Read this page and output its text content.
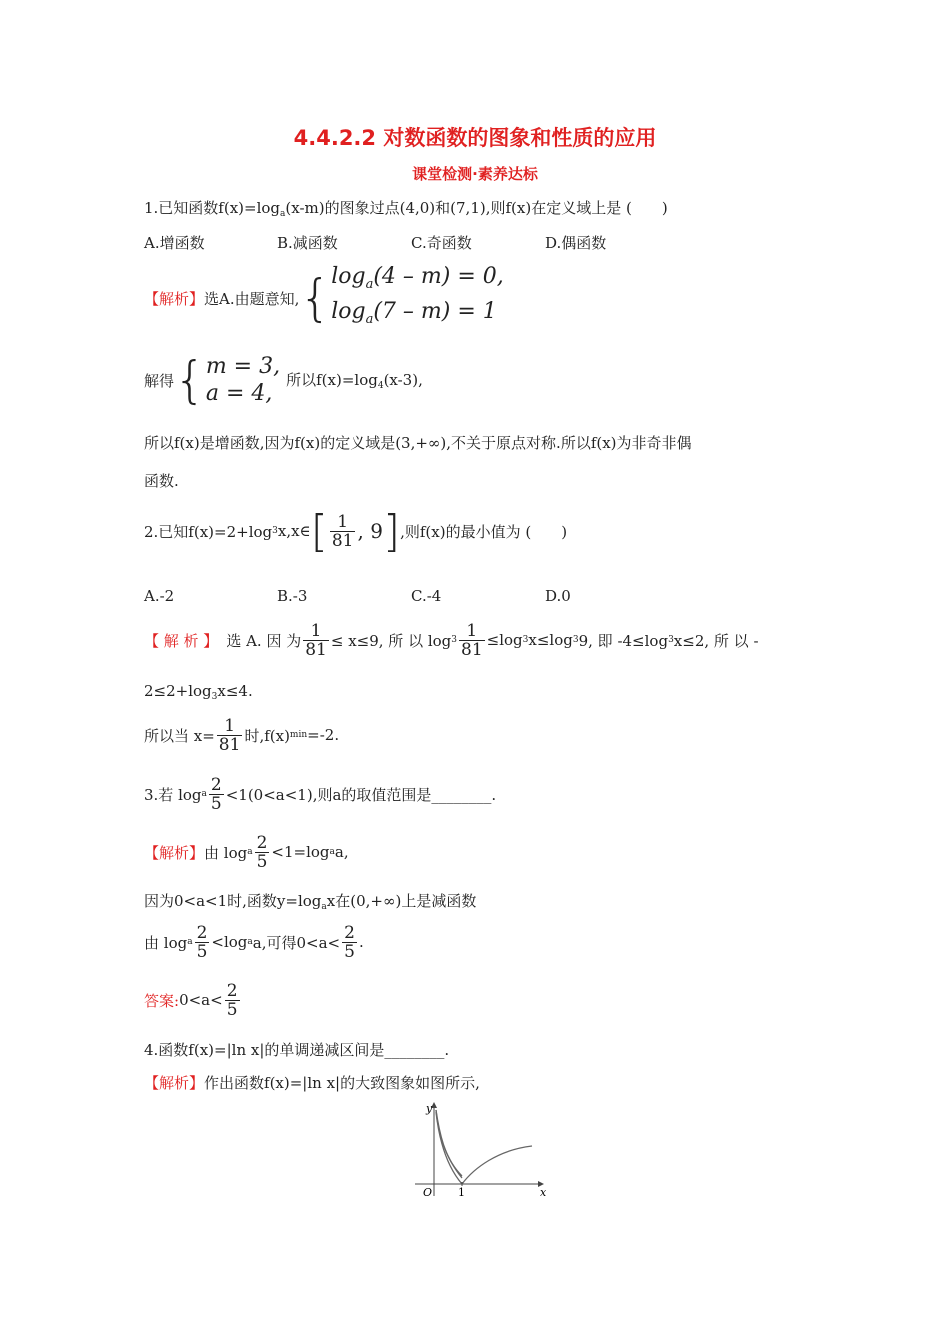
4.4.2.2 对数函数的图象和性质的应用
课堂检测·素养达标
1.已知函数$f(x)=\log_a(x-m)$的图象过点(4,0)和(7,1),则f(x)在定义域上是 (　　)
A.增函数	B.减函数	C.奇函数	D.偶函数
【解析】 选A.由题意知, { $\log_a(4 - m) = 0$,
$\log_a(7 - m) = 1$
解得 { m = 3,
a = 4,
所以$f(x)=\log_4(x-3)$,
所以f(x)是增函数,因为f(x)的定义域是(3,+∞),不关于原点对称.所以f(x)为非奇非偶
函数.
2.已知f(x)=2+log 3 x,x∈ [ $\frac{1}{81}$ , 9 ] ,则f(x)的最小值为 (　　)
A.-2	B.-3	C.-4	D.0
【 解 析 】 选 A. 因 为 $\frac{1}{81} \le x\le 9$, 所 以 $\log 3 \frac{1}{81} \le\log$ 3 x≤log 3 9, 即 -4≤log 3 x≤2, 所 以 -
$2\le 2+\log_3x\le 4$.
所以当 $x= \frac{1}{81}$ 时,f(x) min =-2.
3.若 log a $\frac{2}{5} <1(0<a<1)$,则a的取值范围是________.
【解析】 由 log a $\frac{2}{5} <1=\log$ a a,
因为0<a<1时,函数$y=\log_ax$在(0,+∞)上是减函数
由 log a $\frac{2}{5} <\log$ a a,可得$0<a< \frac{2}{5}$ .
答案: $0<a< \frac{2}{5}$
4.函数f(x)=|ln x|的单调递减区间是________.
【解析】作出函数f(x)=|ln x|的大致图象如图所示,
y
x
O 1
